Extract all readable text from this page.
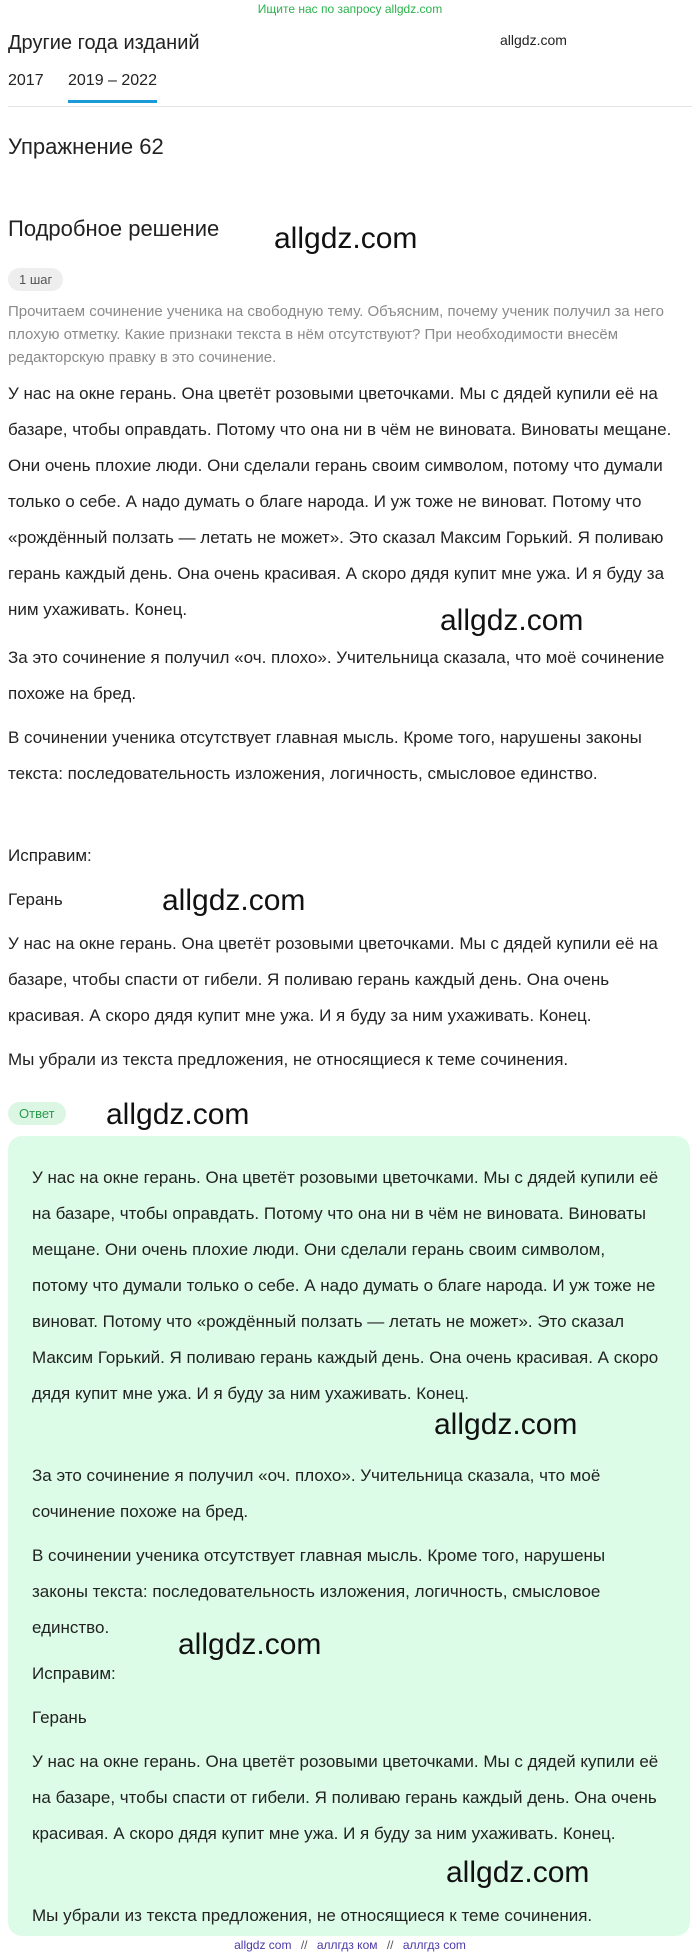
Ищите нас по запросу allgdz.com
Другие года изданий	allgdz.com
2017 2019 – 2022
Упражнение 62
Подробное решение allgdz.com
1 шаг

Прочитаем сочинение ученика на свободную тему. Объясним, почему ученик получил за него плохую отметку. Какие признаки текста в нём отсутствуют? При необходимости внесём редакторскую правку в это сочинение.

У нас на окне герань. Она цветёт розовыми цветочками. Мы с дядей купили её на базаре, чтобы оправдать. Потому что она ни в чём не виновата. Виноваты мещане. Они очень плохие люди. Они сделали герань своим символом, потому что думали только о себе. А надо думать о благе народа. И уж тоже не виноват. Потому что «рождённый ползать — летать не может». Это сказал Максим Горький. Я поливаю герань каждый день. Она очень красивая. А скоро дядя купит мне ужа. И я буду за ним ухаживать. Конец.	allgdz.com

За это сочинение я получил «оч. плохо». Учительница сказала, что моё сочинение похоже на бред.

В сочинении ученика отсутствует главная мысль. Кроме того, нарушены законы текста: последовательность изложения, логичность, смысловое единство.

Исправим:

Герань	allgdz.com

У нас на окне герань. Она цветёт розовыми цветочками. Мы с дядей купили её на базаре, чтобы спасти от гибели. Я поливаю герань каждый день. Она очень красивая. А скоро дядя купит мне ужа. И я буду за ним ухаживать. Конец.

Мы убрали из текста предложения, не относящиеся к теме сочинения.

Ответ	allgdz.com

У нас на окне герань. Она цветёт розовыми цветочками. Мы с дядей купили её на базаре, чтобы оправдать. Потому что она ни в чём не виновата. Виноваты мещане. Они очень плохие люди. Они сделали герань своим символом, потому что думали только о себе. А надо думать о благе народа. И уж тоже не виноват. Потому что «рождённый ползать — летать не может». Это сказал Максим Горький. Я поливаю герань каждый день. Она очень красивая. А скоро дядя купит мне ужа. И я буду за ним ухаживать. Конец.

allgdz.com

За это сочинение я получил «оч. плохо». Учительница сказала, что моё сочинение похоже на бред.

В сочинении ученика отсутствует главная мысль. Кроме того, нарушены законы текста: последовательность изложения, логичность, смысловое единство.

allgdz.com

Исправим:

Герань

У нас на окне герань. Она цветёт розовыми цветочками. Мы с дядей купили её на базаре, чтобы спасти от гибели. Я поливаю герань каждый день. Она очень красивая. А скоро дядя купит мне ужа. И я буду за ним ухаживать. Конец.

allgdz.com

Мы убрали из текста предложения, не относящиеся к теме сочинения.

allgdz com // аллгдз ком // аллгдз com
